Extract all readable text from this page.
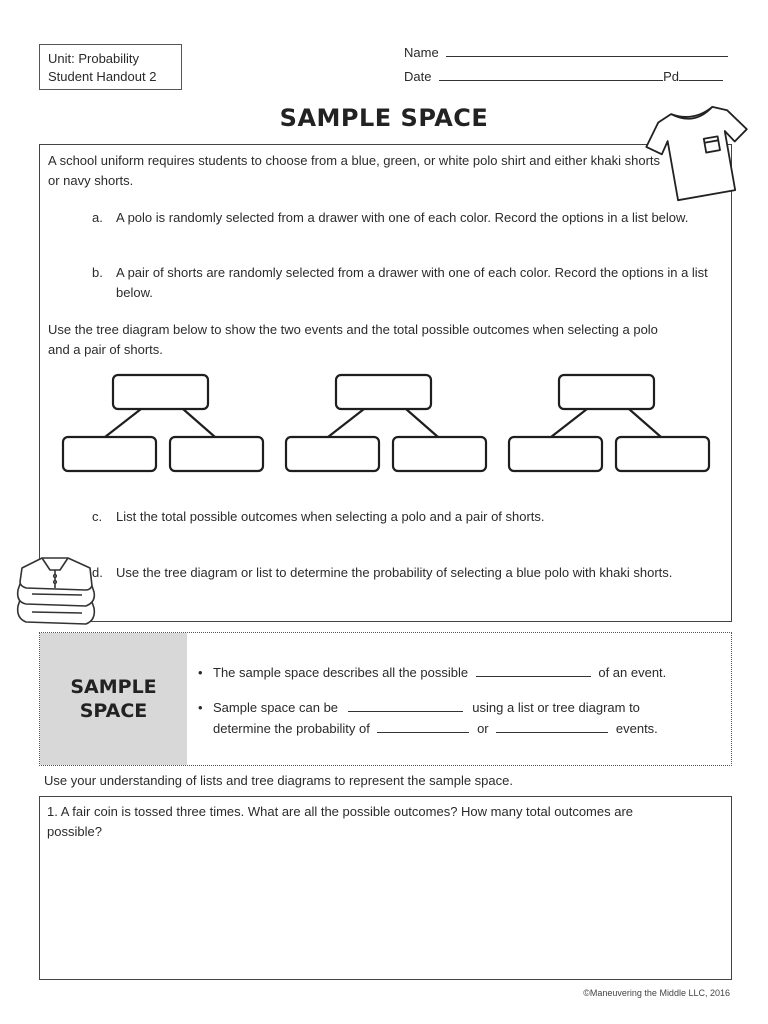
Unit: Probability
Student Handout 2
Name
Date	Pd
SAMPLE SPACE
A school uniform requires students to choose from a blue, green, or white polo shirt and either khaki shorts or navy shorts.
a. A polo is randomly selected from a drawer with one of each color. Record the options in a list below.
b. A pair of shorts are randomly selected from a drawer with one of each color. Record the options in a list below.
Use the tree diagram below to show the two events and the total possible outcomes when selecting a polo and a pair of shorts.
c. List the total possible outcomes when selecting a polo and a pair of shorts.
d. Use the tree diagram or list to determine the probability of selecting a blue polo with khaki shorts.
SAMPLE SPACE
• The sample space describes all the possible	of an event.
• Sample space can be	using a list or tree diagram to
determine the probability of	or	events.
Use your understanding of lists and tree diagrams to represent the sample space.
1. A fair coin is tossed three times. What are all the possible outcomes? How many total outcomes are possible?
©Maneuvering the Middle LLC, 2016
